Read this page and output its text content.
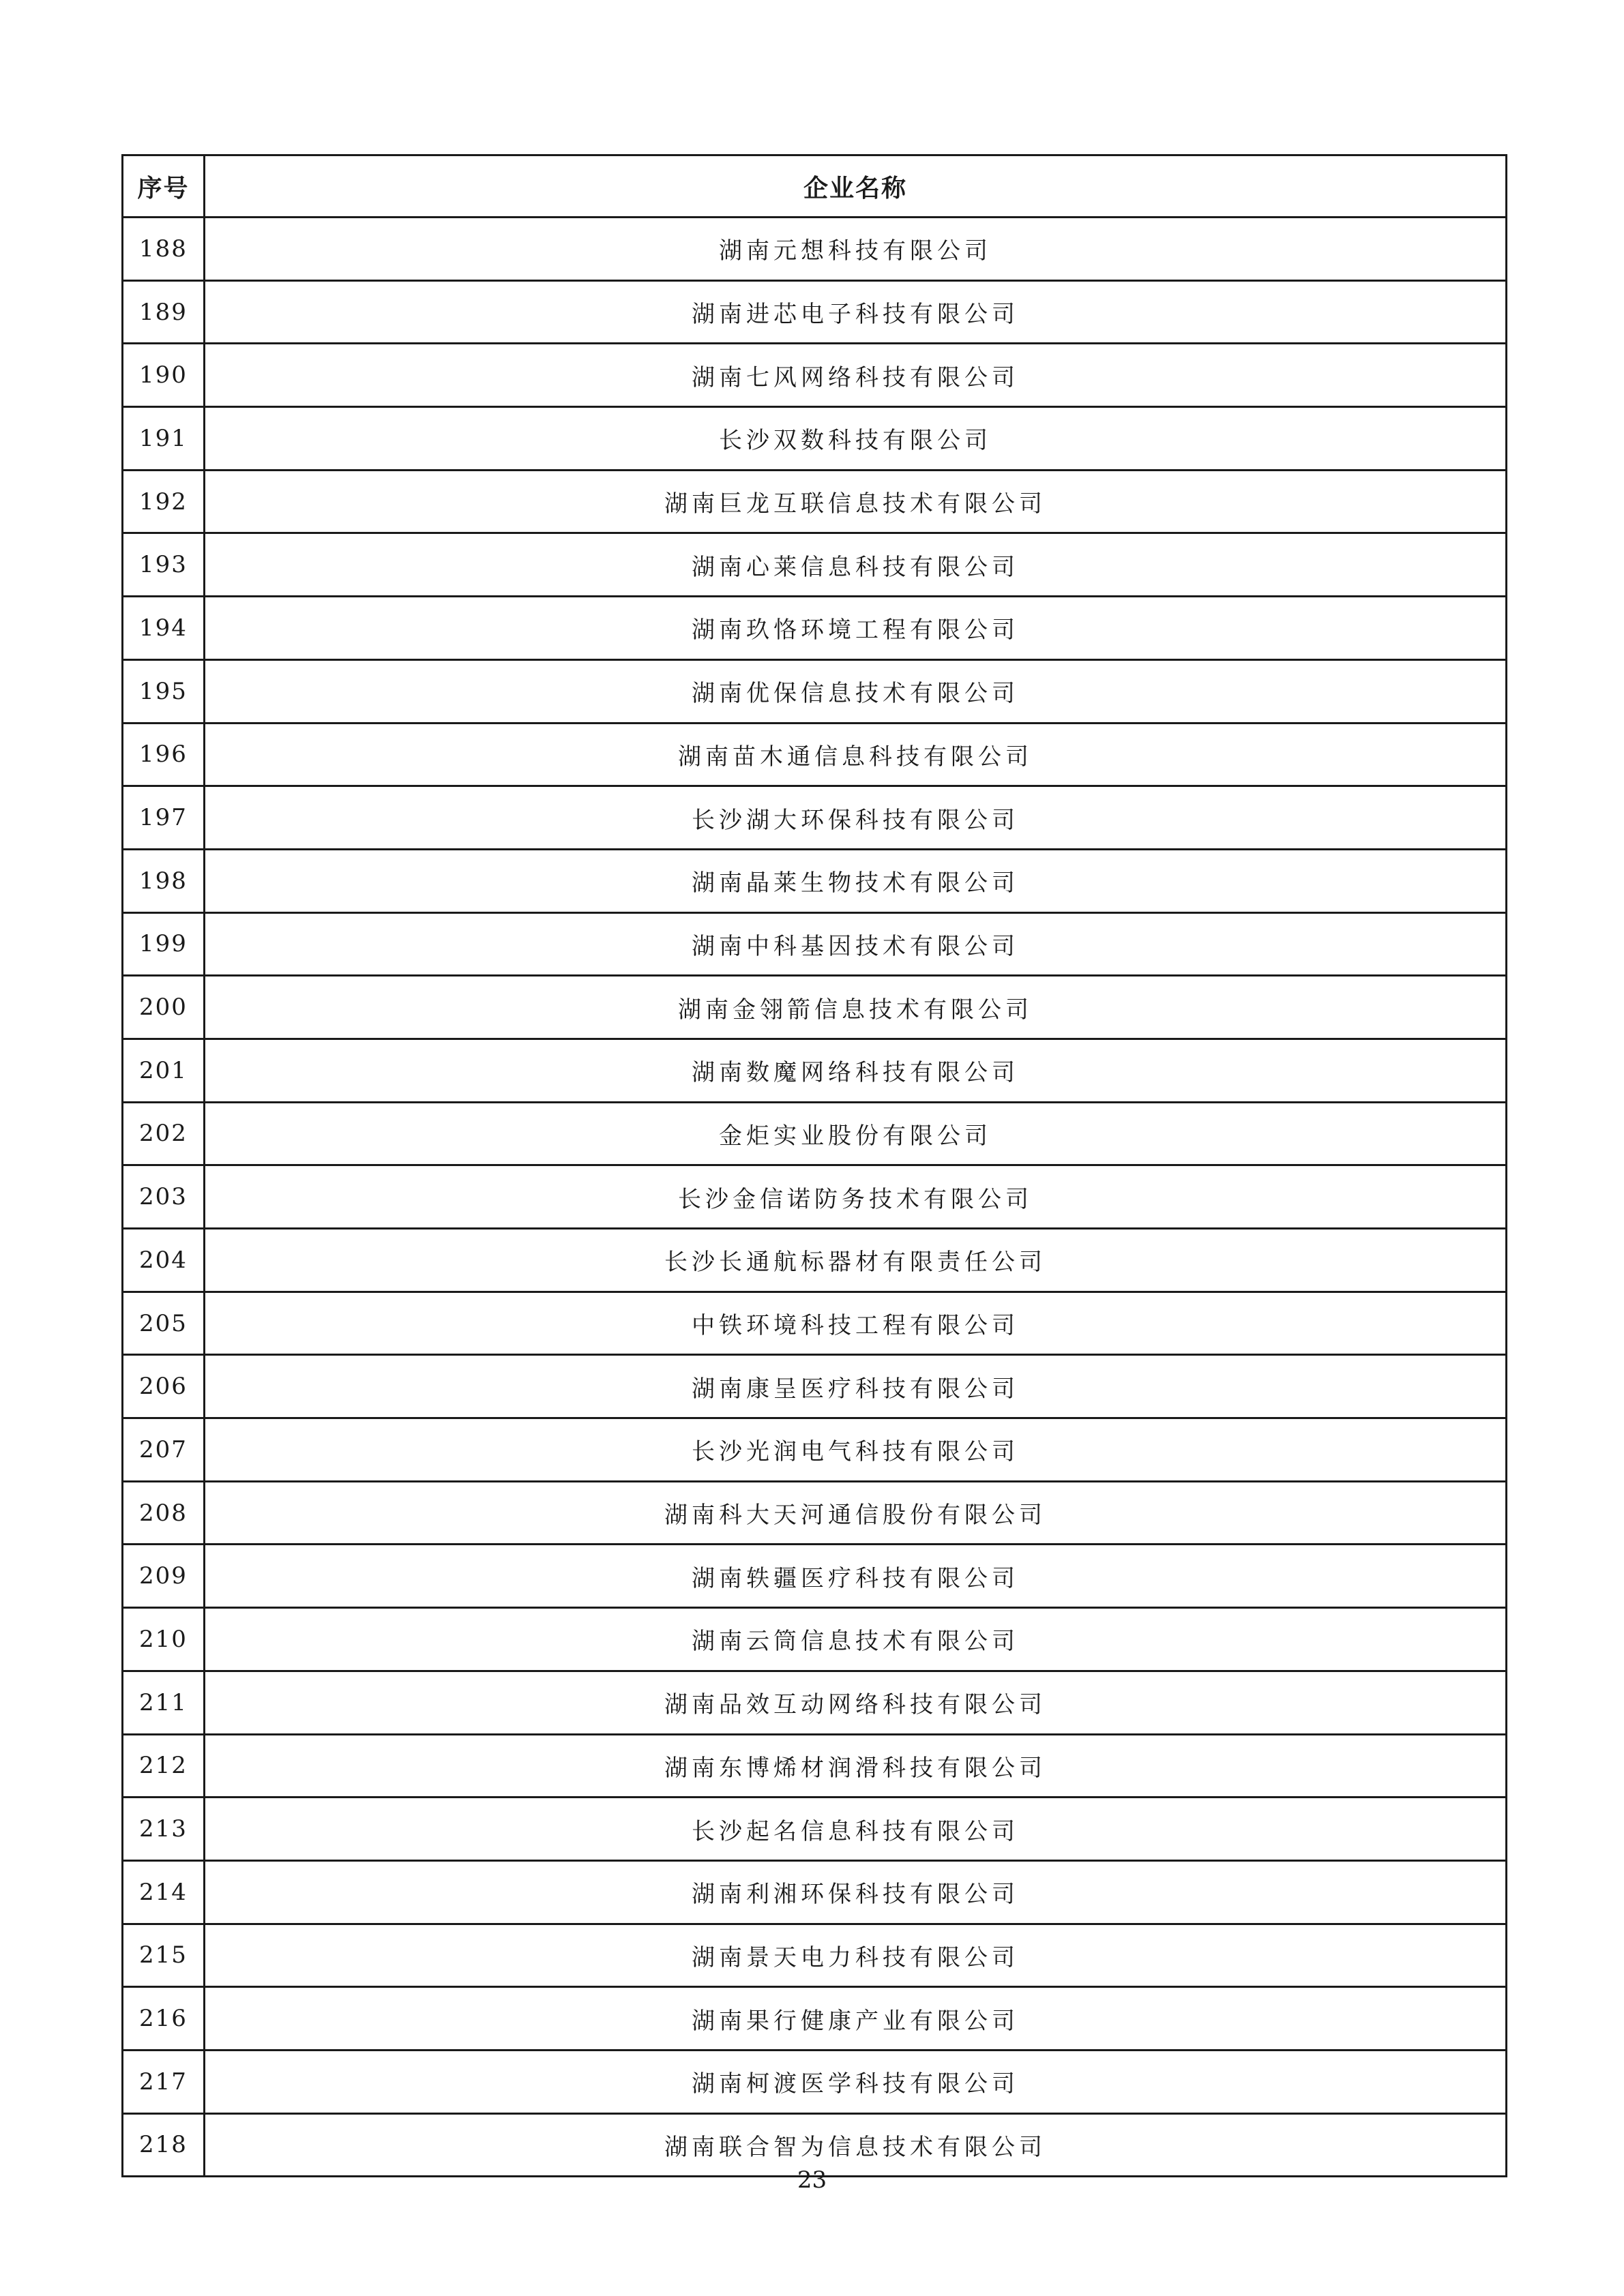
序号	企业名称
188	湖南元想科技有限公司
189	湖南进芯电子科技有限公司
190	湖南七风网络科技有限公司
191	长沙双数科技有限公司
192	湖南巨龙互联信息技术有限公司
193	湖南心莱信息科技有限公司
194	湖南玖恪环境工程有限公司
195	湖南优保信息技术有限公司
196	湖南苗木通信息科技有限公司
197	长沙湖大环保科技有限公司
198	湖南晶莱生物技术有限公司
199	湖南中科基因技术有限公司
200	湖南金翎箭信息技术有限公司
201	湖南数魔网络科技有限公司
202	金炬实业股份有限公司
203	长沙金信诺防务技术有限公司
204	长沙长通航标器材有限责任公司
205	中铁环境科技工程有限公司
206	湖南康呈医疗科技有限公司
207	长沙光润电气科技有限公司
208	湖南科大天河通信股份有限公司
209	湖南轶疆医疗科技有限公司
210	湖南云筒信息技术有限公司
211	湖南品效互动网络科技有限公司
212	湖南东博烯材润滑科技有限公司
213	长沙起名信息科技有限公司
214	湖南利湘环保科技有限公司
215	湖南景天电力科技有限公司
216	湖南果行健康产业有限公司
217	湖南柯渡医学科技有限公司
218	湖南联合智为信息技术有限公司
23
